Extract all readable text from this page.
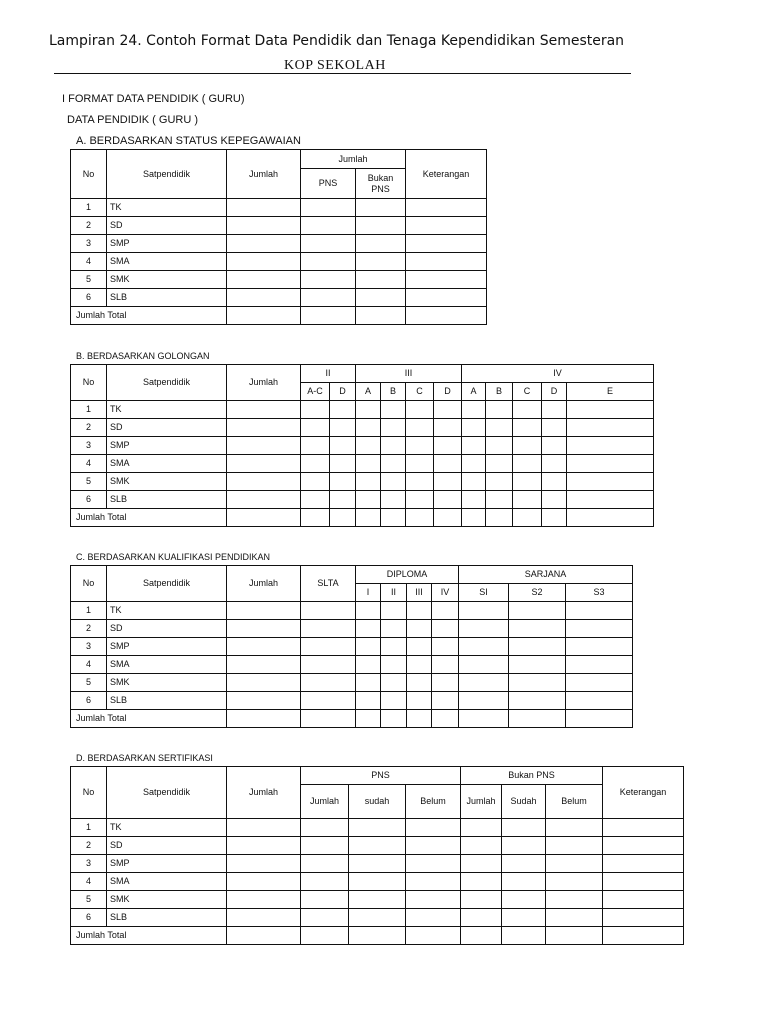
Lampiran 24. Contoh Format Data Pendidik dan Tenaga Kependidikan Semesteran
KOP SEKOLAH
I FORMAT DATA PENDIDIK ( GURU)
DATA PENDIDIK ( GURU )
A. BERDASARKAN STATUS KEPEGAWAIAN
No	Satpendidik	Jumlah	Jumlah		Keterangan
			PNS	Bukan PNS	
1	TK				
2	SD				
3	SMP				
4	SMA				
5	SMK				
6	SLB				
Jumlah Total					
B. BERDASARKAN GOLONGAN
No	Satpendidik	Jumlah	II		III				IV				
			A-C	D	A	B	C	D	A	B	C	D	E
1	TK												
2	SD												
3	SMP												
4	SMA												
5	SMK												
6	SLB												
Jumlah Total													
C. BERDASARKAN KUALIFIKASI PENDIDIKAN
No	Satpendidik	Jumlah	SLTA	DIPLOMA				SARJANA		
				I	II	III	IV	SI	S2	S3
1	TK									
2	SD									
3	SMP									
4	SMA									
5	SMK									
6	SLB									
Jumlah Total										
D. BERDASARKAN SERTIFIKASI
No	Satpendidik	Jumlah	PNS			Bukan PNS			Keterangan
			Jumlah	sudah	Belum	Jumlah	Sudah	Belum	
1	TK								
2	SD								
3	SMP								
4	SMA								
5	SMK								
6	SLB								
Jumlah Total									
